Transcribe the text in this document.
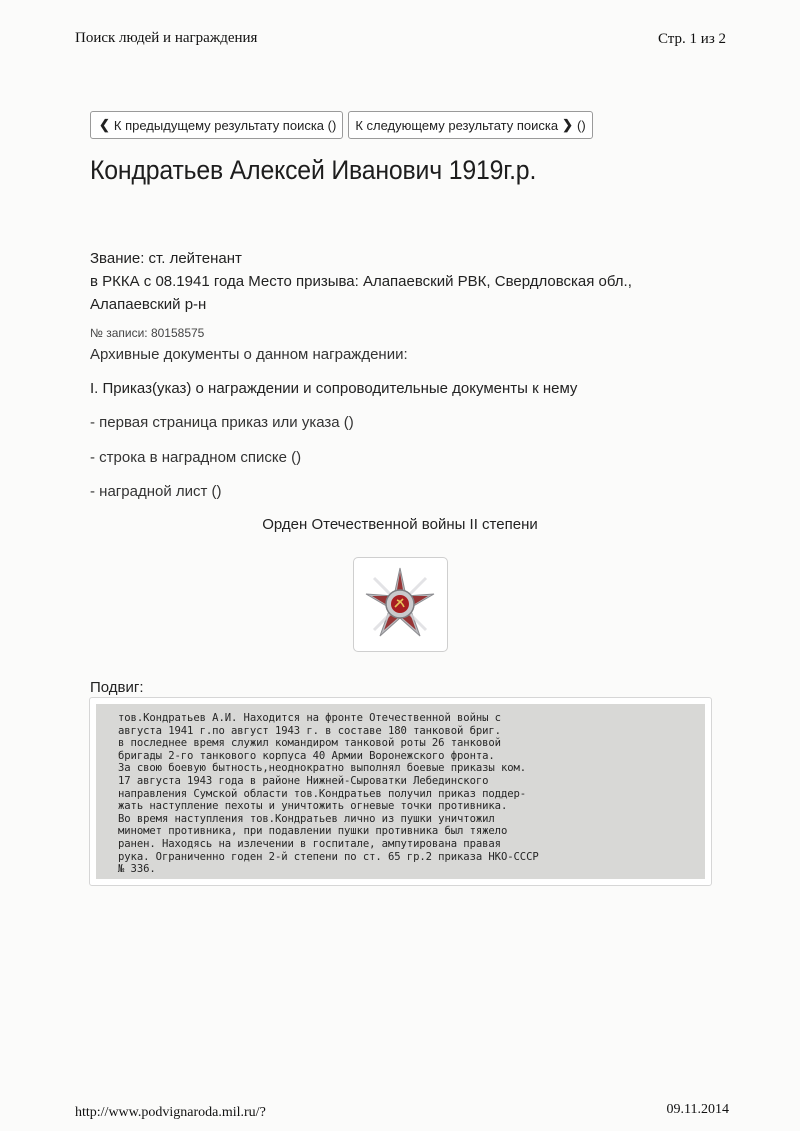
Поиск людей и награждения	Стр. 1 из 2
❮ К предыдущему результату поиска () К следующему результату поиска ❯ ()
Кондратьев Алексей Иванович 1919г.р.
Звание: ст. лейтенант
в РККА с 08.1941 года Место призыва: Алапаевский РВК, Свердловская обл.,
Алапаевский р-н
№ записи: 80158575
Архивные документы о данном награждении:
I. Приказ(указ) о награждении и сопроводительные документы к нему
- первая страница приказ или указа ()
- строка в наградном списке ()
- наградной лист ()
Орден Отечественной войны II степени
Подвиг:
тов.Кондратьев А.И. Находится на фронте Отечественной войны с
августа 1941 г.по август 1943 г. в составе 180 танковой бриг.
в последнее время служил командиром танковой роты 26 танковой
бригады 2-го танкового корпуса 40 Армии Воронежского фронта.
За свою боевую бытность,неоднократно выполнял боевые приказы ком.
17 августа 1943 года в районе Нижней-Сыроватки Лебединского
направления Сумской области тов.Кондратьев получил приказ поддер-
жать наступление пехоты и уничтожить огневые точки противника.
Во время наступления тов.Кондратьев лично из пушки уничтожил
миномет противника, при подавлении пушки противника был тяжело
ранен. Находясь на излечении в госпитале, ампутирована правая
рука. Ограниченно годен 2-й степени по ст. 65 гр.2 приказа НКО-СССР
№ 336.
http://www.podvignaroda.mil.ru/?	09.11.2014
